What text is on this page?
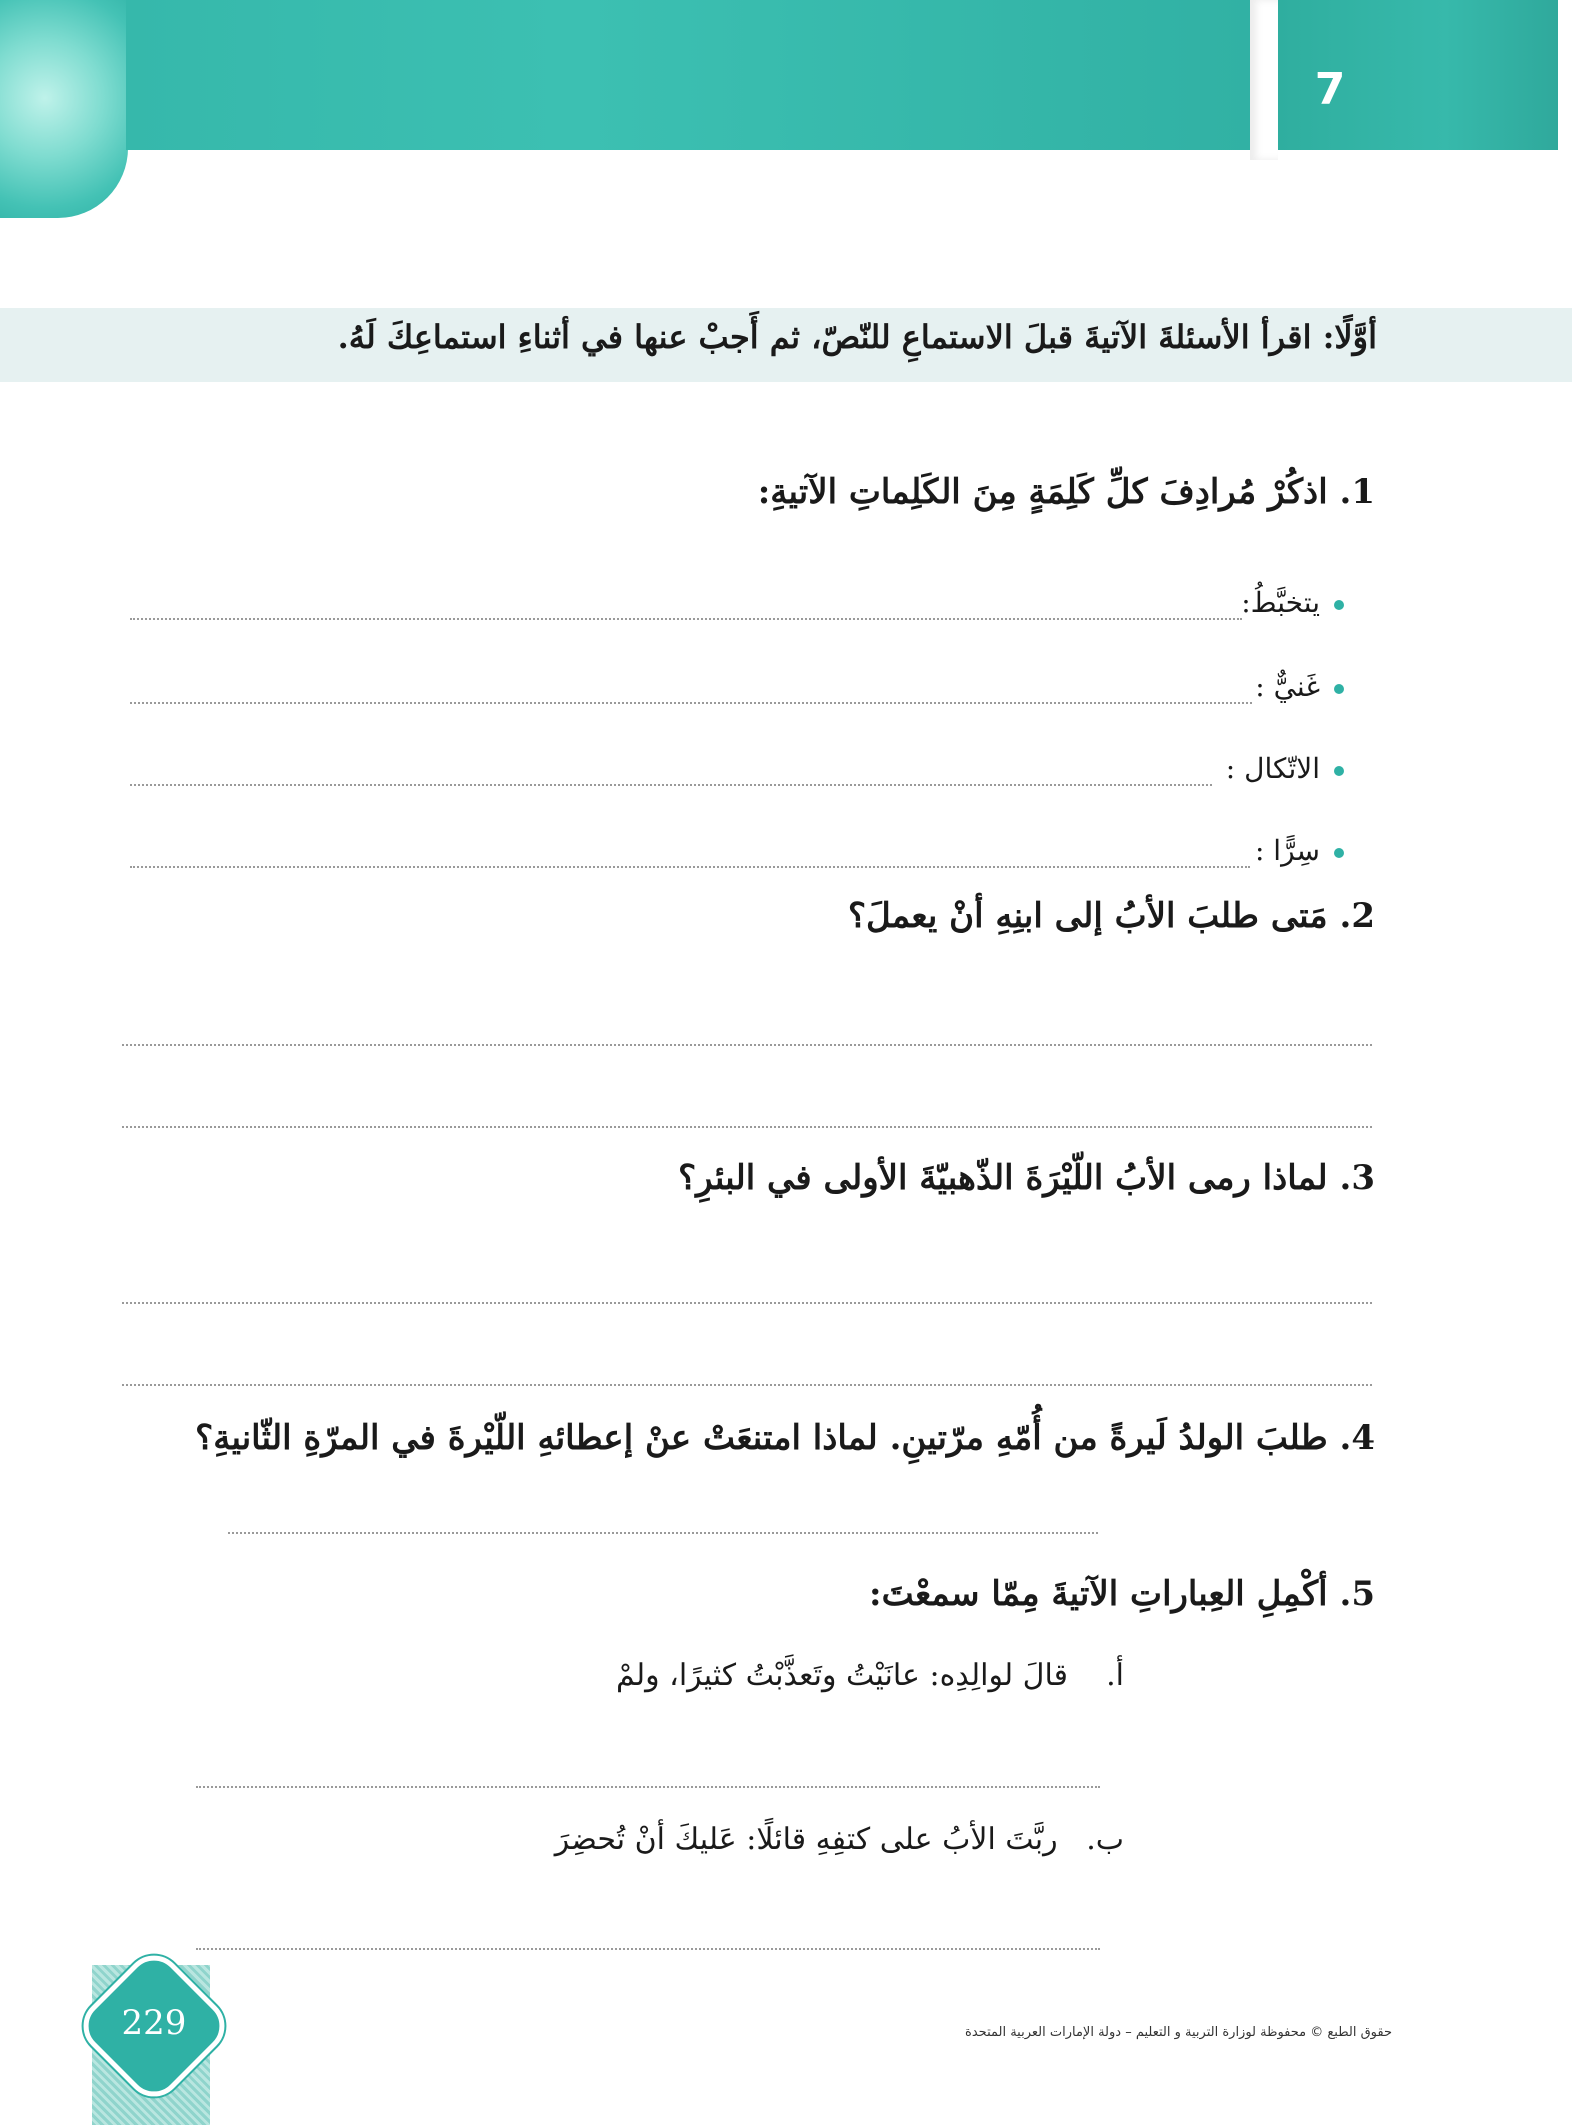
7
أوَّلًا: اقرأ الأسئلةَ الآتيةَ قبلَ الاستماعِ للنّصّ، ثم أَجبْ عنها في أثناءِ استماعِكَ لَهُ.
1. اذكُرْ مُرادِفَ كلِّ كَلِمَةٍ مِنَ الكَلِماتِ الآتيةِ:
يتخبَّطُ:
غَنيٌّ :
الاتّكال :
سِرًّا :
2. مَتى طلبَ الأبُ إلى ابنِهِ أنْ يعملَ؟
3. لماذا رمى الأبُ اللّيْرَةَ الذّهبيّةَ الأولى في البئرِ؟
4. طلبَ الولدُ لَيرةً من أُمّهِ مرّتينِ. لماذا امتنعَتْ عنْ إعطائهِ اللّيْرةَ في المرّةِ الثّانيةِ؟
5. أكْمِلِ العِباراتِ الآتيةَ مِمّا سمعْتَ:
أ.    قالَ لوالِدِه: عانَيْتُ وتَعذَّبْتُ كثيرًا، ولمْ
ب.   ربَّتَ الأبُ على كتفِهِ قائلًا: عَليكَ أنْ تُحضِرَ
229	حقوق الطبع © محفوظة لوزارة التربية و التعليم – دولة الإمارات العربية المتحدة
